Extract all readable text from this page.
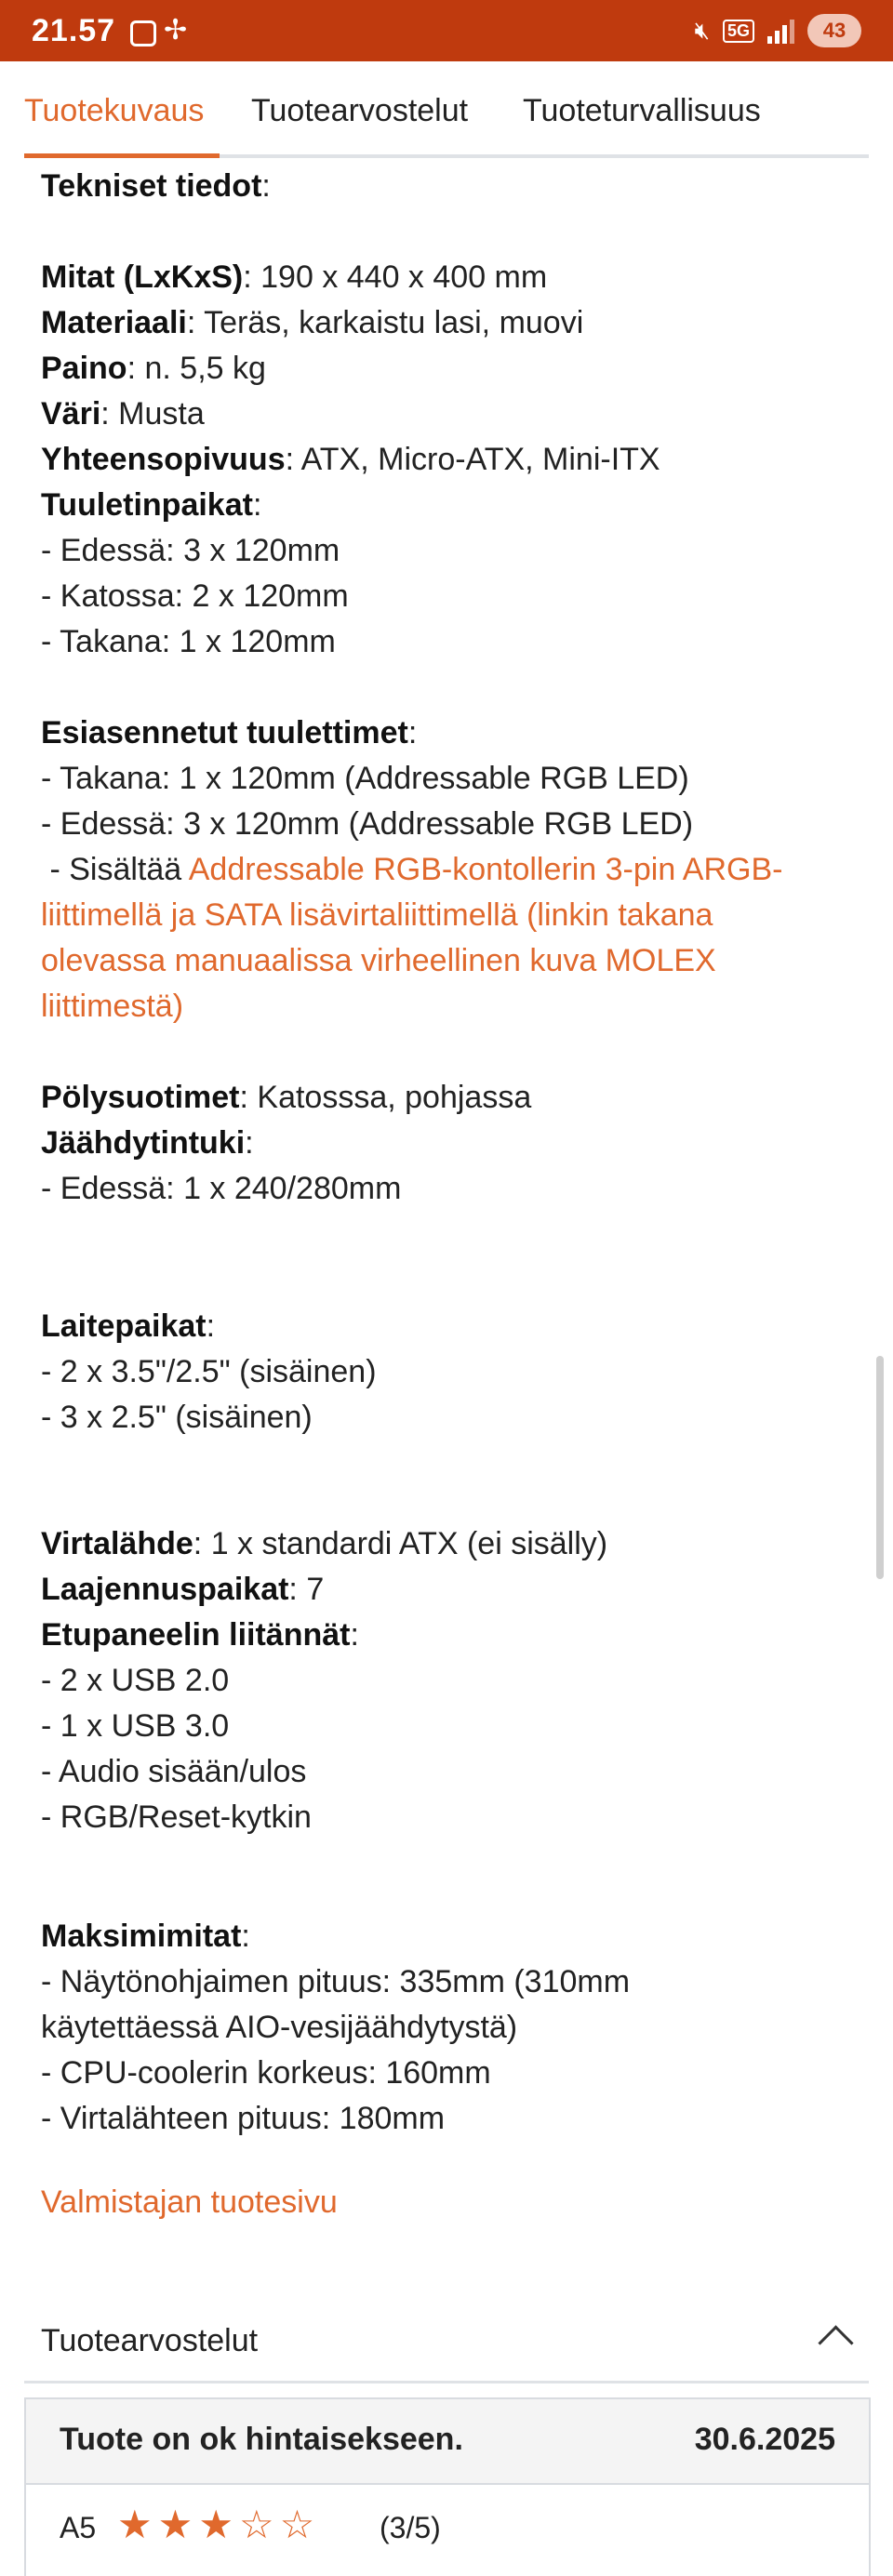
21.57 ✢	🔇︎ 5G	43
Tuotekuvaus Tuotearvostelut Tuoteturvallisuus
Tekniset tiedot:
Mitat (LxKxS): 190 x 440 x 400 mm
Materiaali: Teräs, karkaistu lasi, muovi
Paino: n. 5,5 kg
Väri: Musta
Yhteensopivuus: ATX, Micro-ATX, Mini-ITX
Tuuletinpaikat:
- Edessä: 3 x 120mm
- Katossa: 2 x 120mm
- Takana: 1 x 120mm
Esiasennetut tuulettimet:
- Takana: 1 x 120mm (Addressable RGB LED)
- Edessä: 3 x 120mm (Addressable RGB LED)
- Sisältää Addressable RGB-kontollerin 3-pin ARGB-
liittimellä ja SATA lisävirtaliittimellä (linkin takana
olevassa manuaalissa virheellinen kuva MOLEX
liittimestä)
Pölysuotimet: Katosssa, pohjassa
Jäähdytintuki:
- Edessä: 1 x 240/280mm
Laitepaikat:
- 2 x 3.5"/2.5" (sisäinen)
- 3 x 2.5" (sisäinen)
Virtalähde: 1 x standardi ATX (ei sisälly)
Laajennuspaikat: 7
Etupaneelin liitännät:
- 2 x USB 2.0
- 1 x USB 3.0
- Audio sisään/ulos
- RGB/Reset-kytkin
Maksimimitat:
- Näytönohjaimen pituus: 335mm (310mm
käytettäessä AIO-vesijäähdytystä)
- CPU-coolerin korkeus: 160mm
- Virtalähteen pituus: 180mm
Valmistajan tuotesivu
Tuotearvostelut
Tuote on ok hintaisekseen.	30.6.2025
A5 ★ ★ ★ ☆ ☆ (3/5)
